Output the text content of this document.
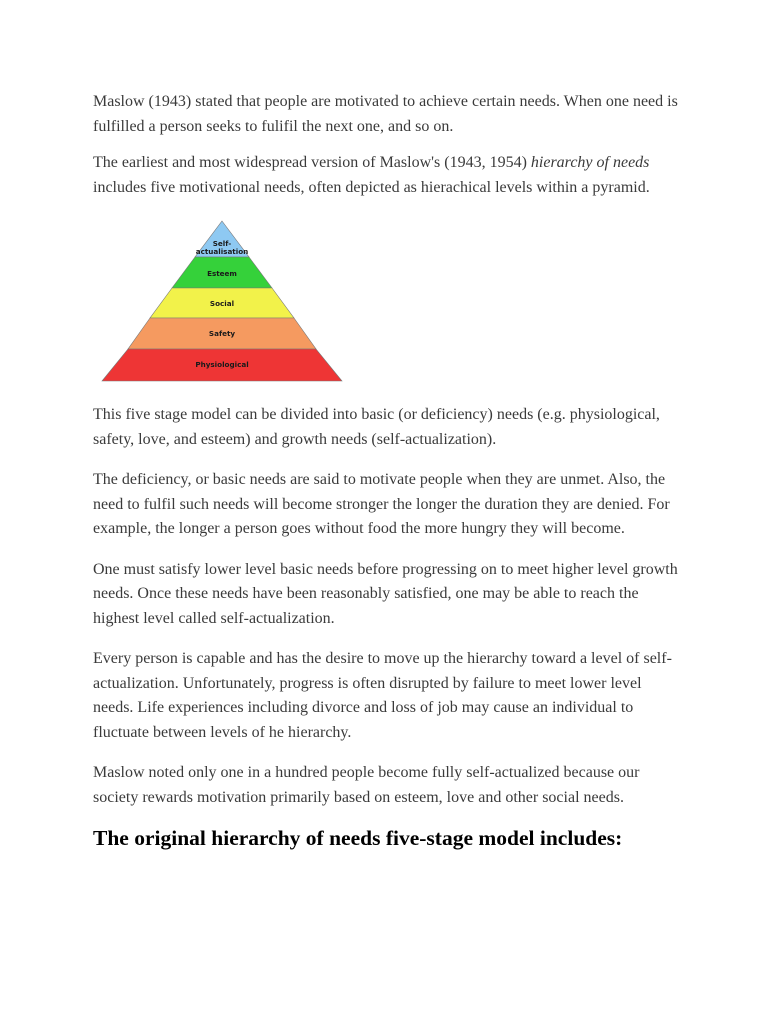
Maslow (1943) stated that people are motivated to achieve certain needs. When one need is fulfilled a person seeks to fulifil the next one, and so on.

The earliest and most widespread version of Maslow's (1943, 1954) hierarchy of needs includes five motivational needs, often depicted as hierachical levels within a pyramid.

Self-
actualisation
Esteem
Social
Safety
Physiological

This five stage model can be divided into basic (or deficiency) needs (e.g. physiological, safety, love, and esteem) and growth needs (self-actualization).

The deficiency, or basic needs are said to motivate people when they are unmet. Also, the need to fulfil such needs will become stronger the longer the duration they are denied. For example, the longer a person goes without food the more hungry they will become.

One must satisfy lower level basic needs before progressing on to meet higher level growth needs. Once these needs have been reasonably satisfied, one may be able to reach the highest level called self-actualization.

Every person is capable and has the desire to move up the hierarchy toward a level of self-actualization. Unfortunately, progress is often disrupted by failure to meet lower level needs. Life experiences including divorce and loss of job may cause an individual to fluctuate between levels of he hierarchy.

Maslow noted only one in a hundred people become fully self-actualized because our society rewards motivation primarily based on esteem, love and other social needs.

The original hierarchy of needs five-stage model includes:
